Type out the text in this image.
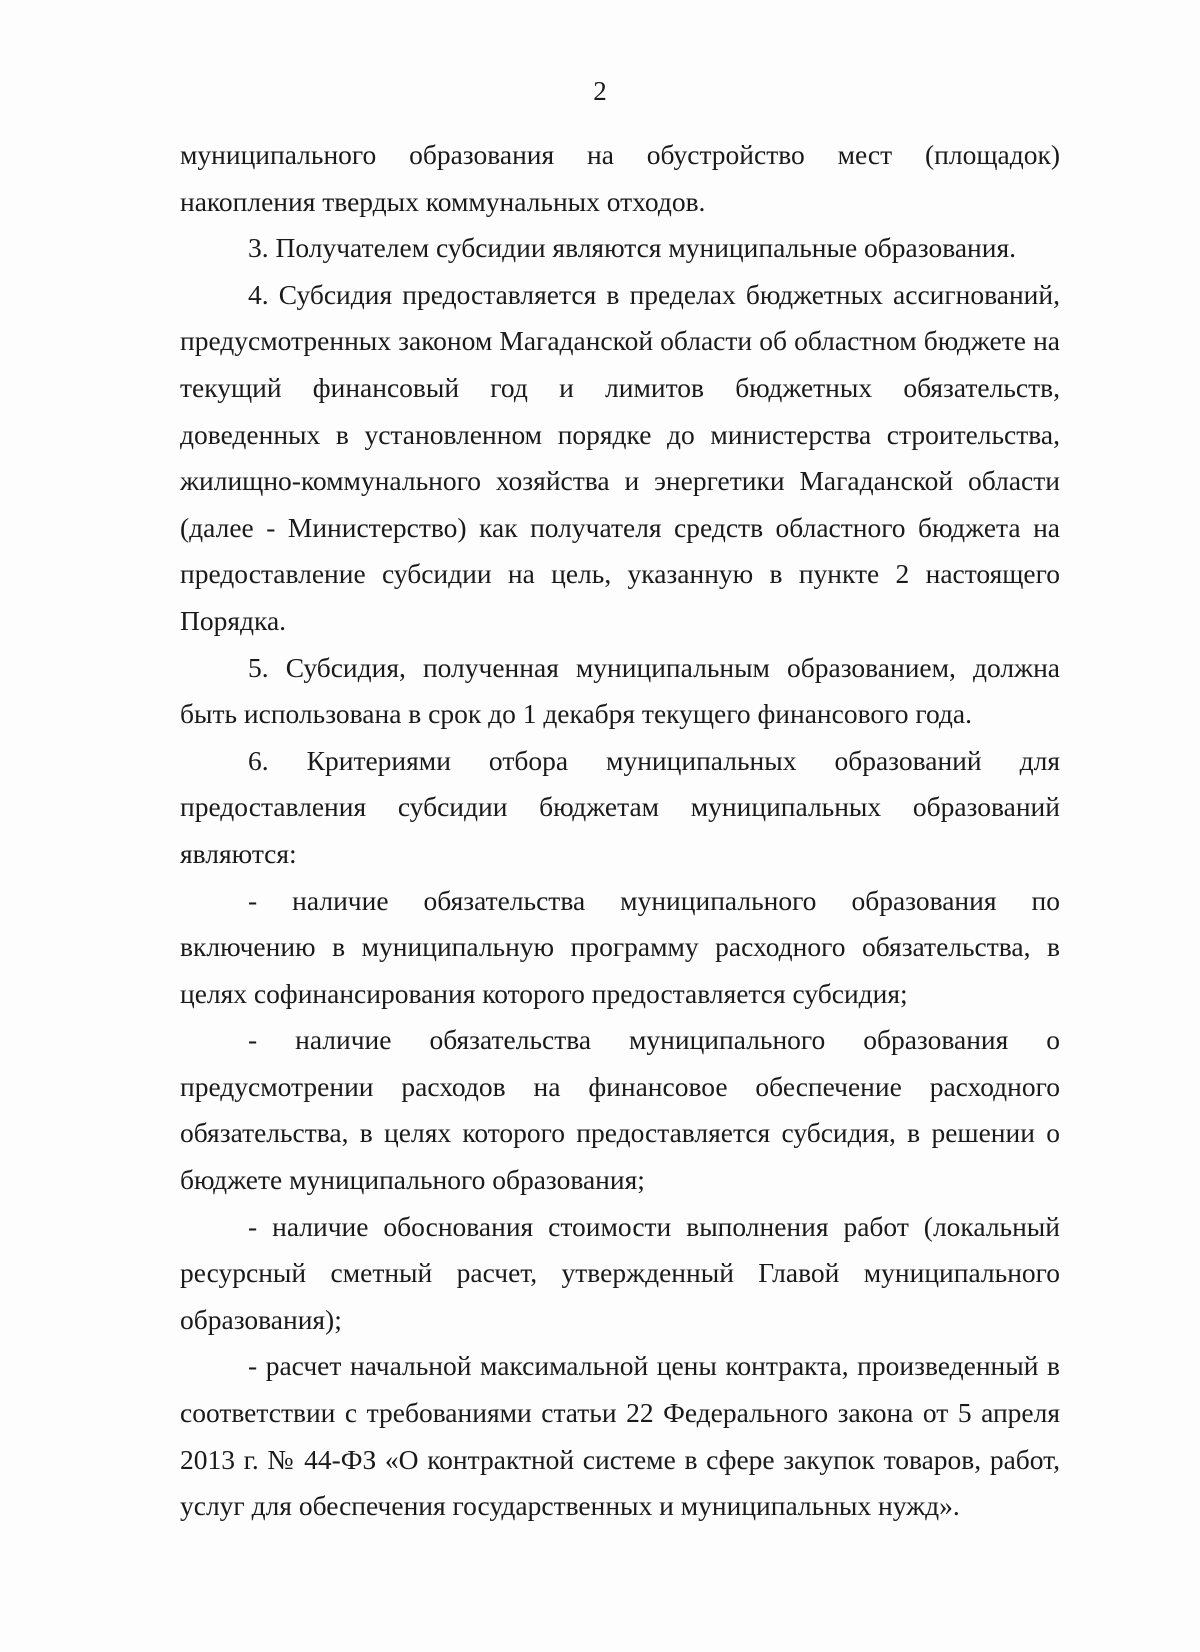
2

муниципального образования на обустройство мест (площадок) накопления твердых коммунальных отходов.

3. Получателем субсидии являются муниципальные образования.

4. Субсидия предоставляется в пределах бюджетных ассигнований, предусмотренных законом Магаданской области об областном бюджете на текущий финансовый год и лимитов бюджетных обязательств, доведенных в установленном порядке до министерства строительства, жилищно-коммунального хозяйства и энергетики Магаданской области (далее - Министерство) как получателя средств областного бюджета на предоставление субсидии на цель, указанную в пункте 2 настоящего Порядка.

5. Субсидия, полученная муниципальным образованием, должна быть использована в срок до 1 декабря текущего финансового года.

6. Критериями отбора муниципальных образований для предоставления субсидии бюджетам муниципальных образований являются:

- наличие обязательства муниципального образования по включению в муниципальную программу расходного обязательства, в целях софинансирования которого предоставляется субсидия;

- наличие обязательства муниципального образования о предусмотрении расходов на финансовое обеспечение расходного обязательства, в целях которого предоставляется субсидия, в решении о бюджете муниципального образования;

- наличие обоснования стоимости выполнения работ (локальный ресурсный сметный расчет, утвержденный Главой муниципального образования);

- расчет начальной максимальной цены контракта, произведенный в соответствии с требованиями статьи 22 Федерального закона от 5 апреля 2013 г. № 44-ФЗ «О контрактной системе в сфере закупок товаров, работ, услуг для обеспечения государственных и муниципальных нужд».
